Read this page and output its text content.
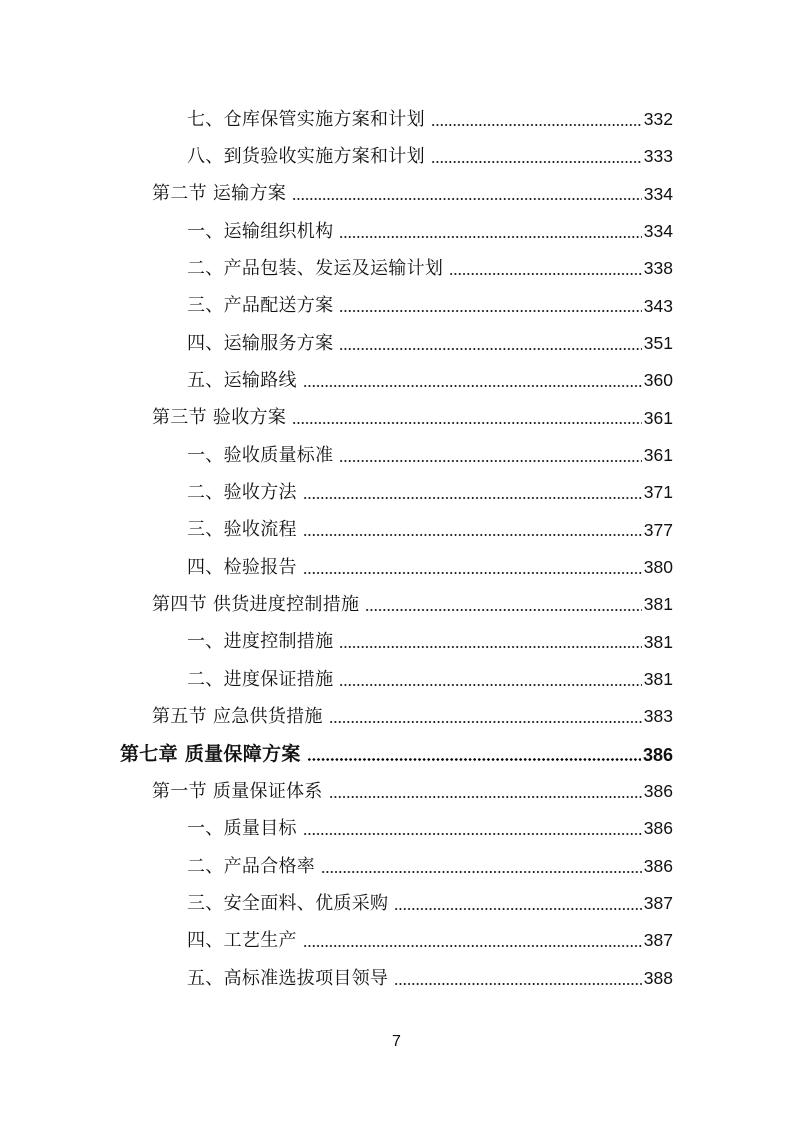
七、仓库保管实施方案和计划	332
八、到货验收实施方案和计划	333
第二节 运输方案	334
一、运输组织机构	334
二、产品包装、发运及运输计划	338
三、产品配送方案	343
四、运输服务方案	351
五、运输路线	360
第三节 验收方案	361
一、验收质量标准	361
二、验收方法	371
三、验收流程	377
四、检验报告	380
第四节 供货进度控制措施	381
一、进度控制措施	381
二、进度保证措施	381
第五节 应急供货措施	383
第七章 质量保障方案	386
第一节 质量保证体系	386
一、质量目标	386
二、产品合格率	386
三、安全面料、优质采购	387
四、工艺生产	387
五、高标准选拔项目领导	388
7
